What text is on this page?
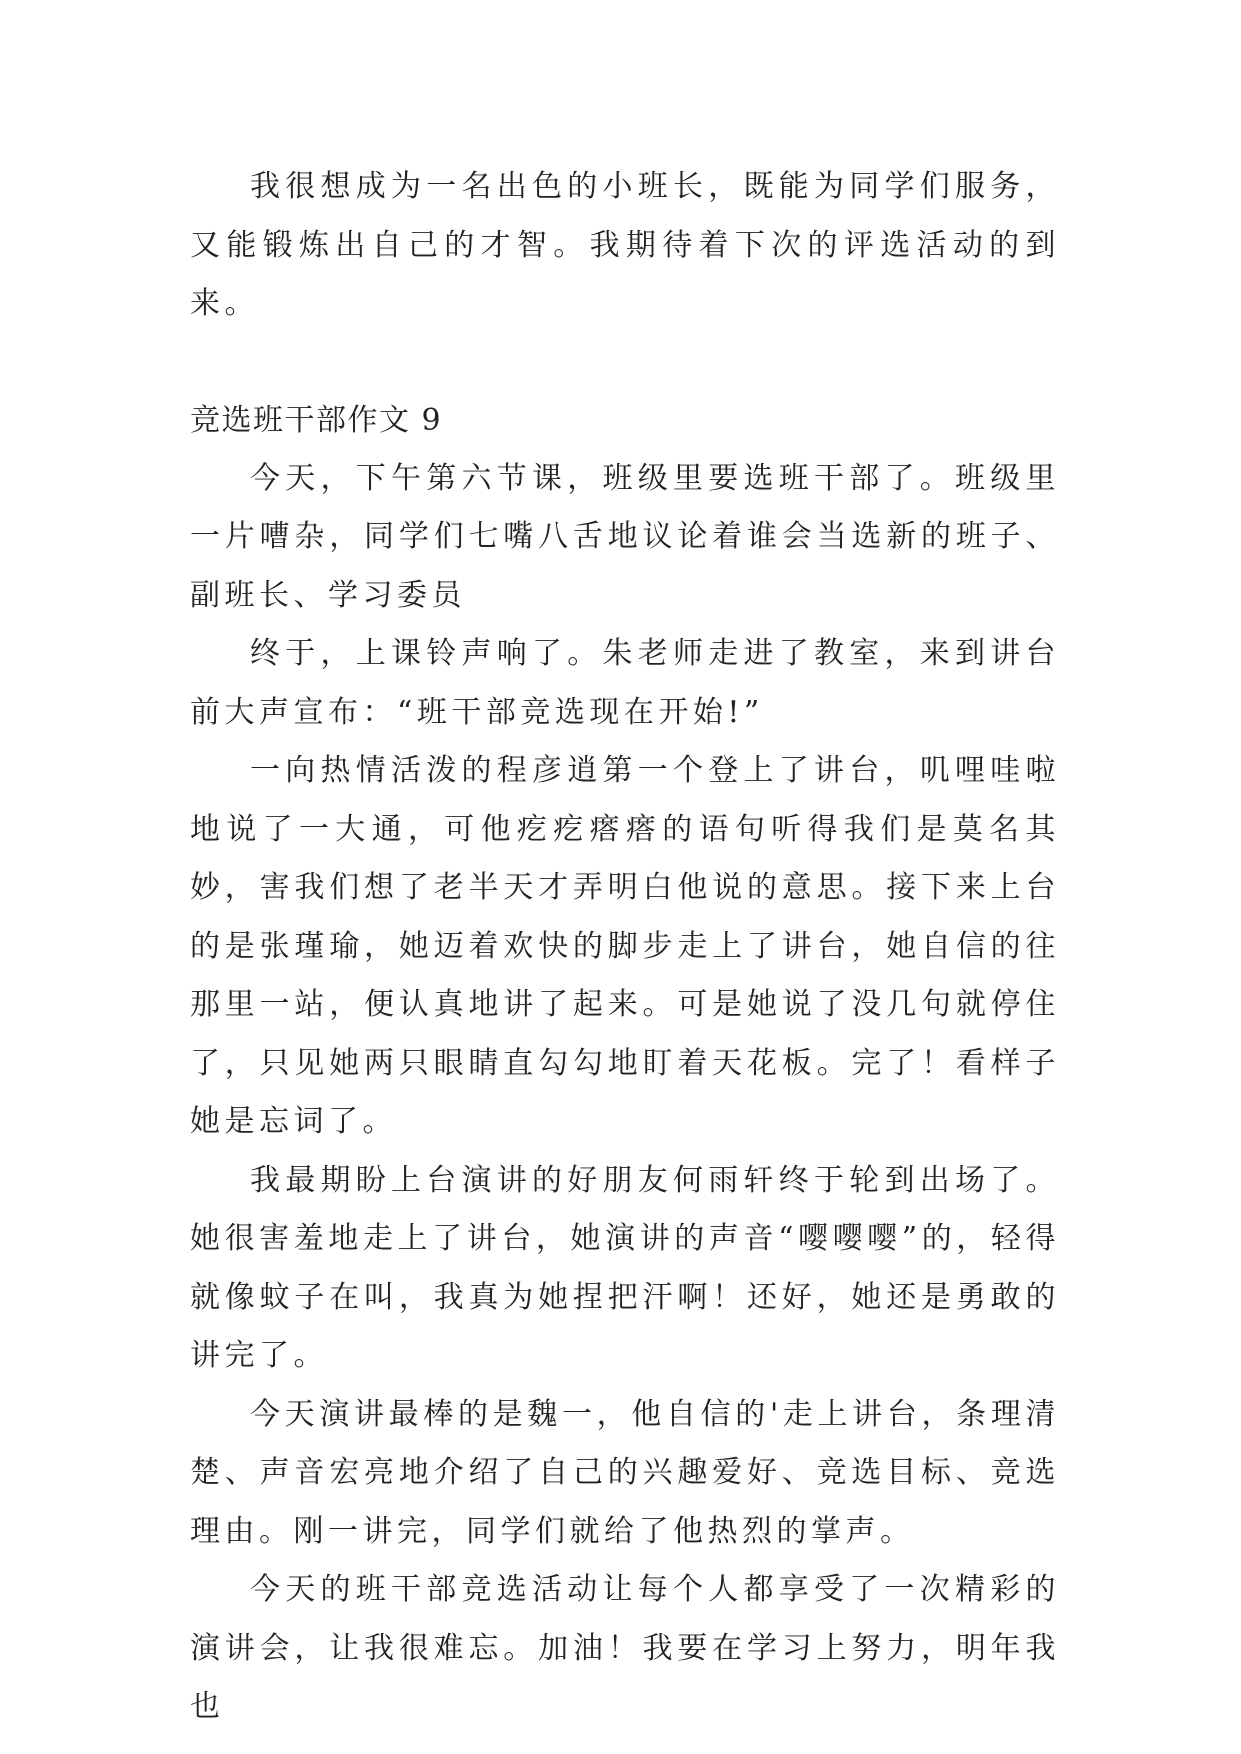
我很想成为一名出色的小班长，既能为同学们服务，又能锻炼出自己的才智。我期待着下次的评选活动的到来。

竞选班干部作文 9

今天，下午第六节课，班级里要选班干部了。班级里一片嘈杂，同学们七嘴八舌地议论着谁会当选新的班子、副班长、学习委员

终于，上课铃声响了。朱老师走进了教室，来到讲台前大声宣布：“班干部竞选现在开始!”

一向热情活泼的程彦逍第一个登上了讲台，叽哩哇啦地说了一大通，可他疙疙瘩瘩的语句听得我们是莫名其妙，害我们想了老半天才弄明白他说的意思。接下来上台的是张瑾瑜，她迈着欢快的脚步走上了讲台，她自信的往那里一站，便认真地讲了起来。可是她说了没几句就停住了，只见她两只眼睛直勾勾地盯着天花板。完了！看样子她是忘词了。

我最期盼上台演讲的好朋友何雨轩终于轮到出场了。她很害羞地走上了讲台，她演讲的声音“嘤嘤嘤”的，轻得就像蚊子在叫，我真为她捏把汗啊！还好，她还是勇敢的讲完了。

今天演讲最棒的是魏一，他自信的'走上讲台，条理清楚、声音宏亮地介绍了自己的兴趣爱好、竞选目标、竞选理由。刚一讲完，同学们就给了他热烈的掌声。

今天的班干部竞选活动让每个人都享受了一次精彩的演讲会，让我很难忘。加油！我要在学习上努力，明年我也
